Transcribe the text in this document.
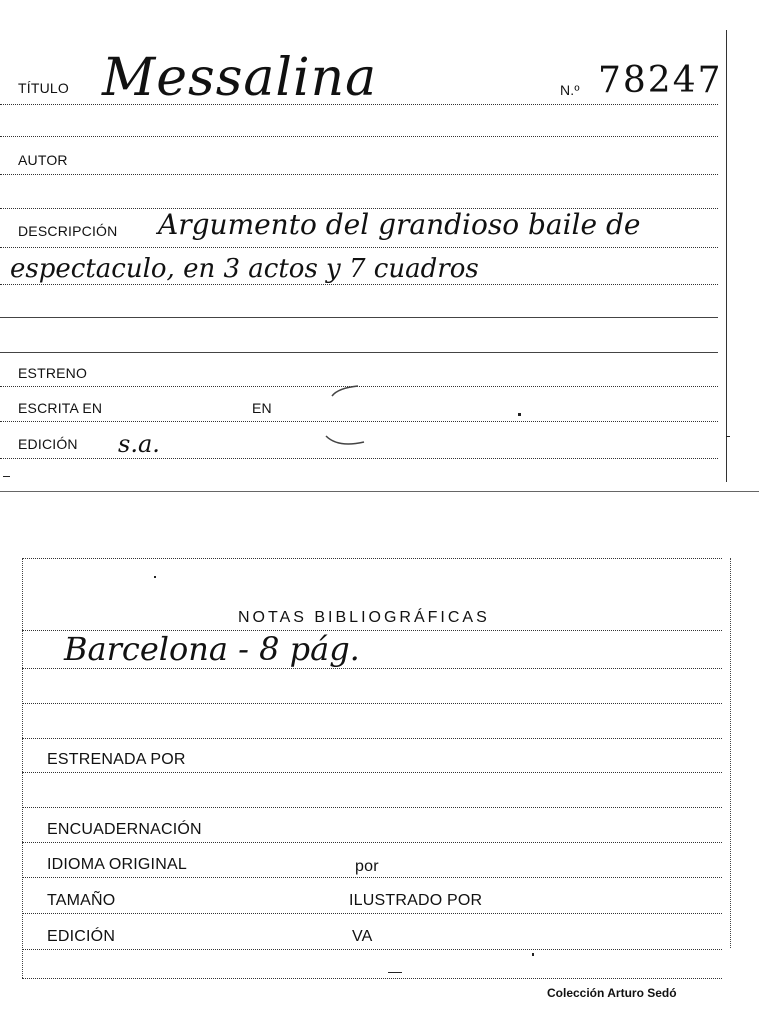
TÍTULO Messalina	N.º 78247
AUTOR
DESCRIPCIÓN Argumento del grandioso baile de
espectaculo, en 3 actos y 7 cuadros
ESTRENO
ESCRITA EN	EN
EDICIÓN s.a.
NOTAS BIBLIOGRÁFICAS
Barcelona - 8 pág.
ESTRENADA POR
ENCUADERNACIÓN
IDIOMA ORIGINAL	por
TAMAÑO	ILUSTRADO POR
EDICIÓN	VA
Colección Arturo Sedó
